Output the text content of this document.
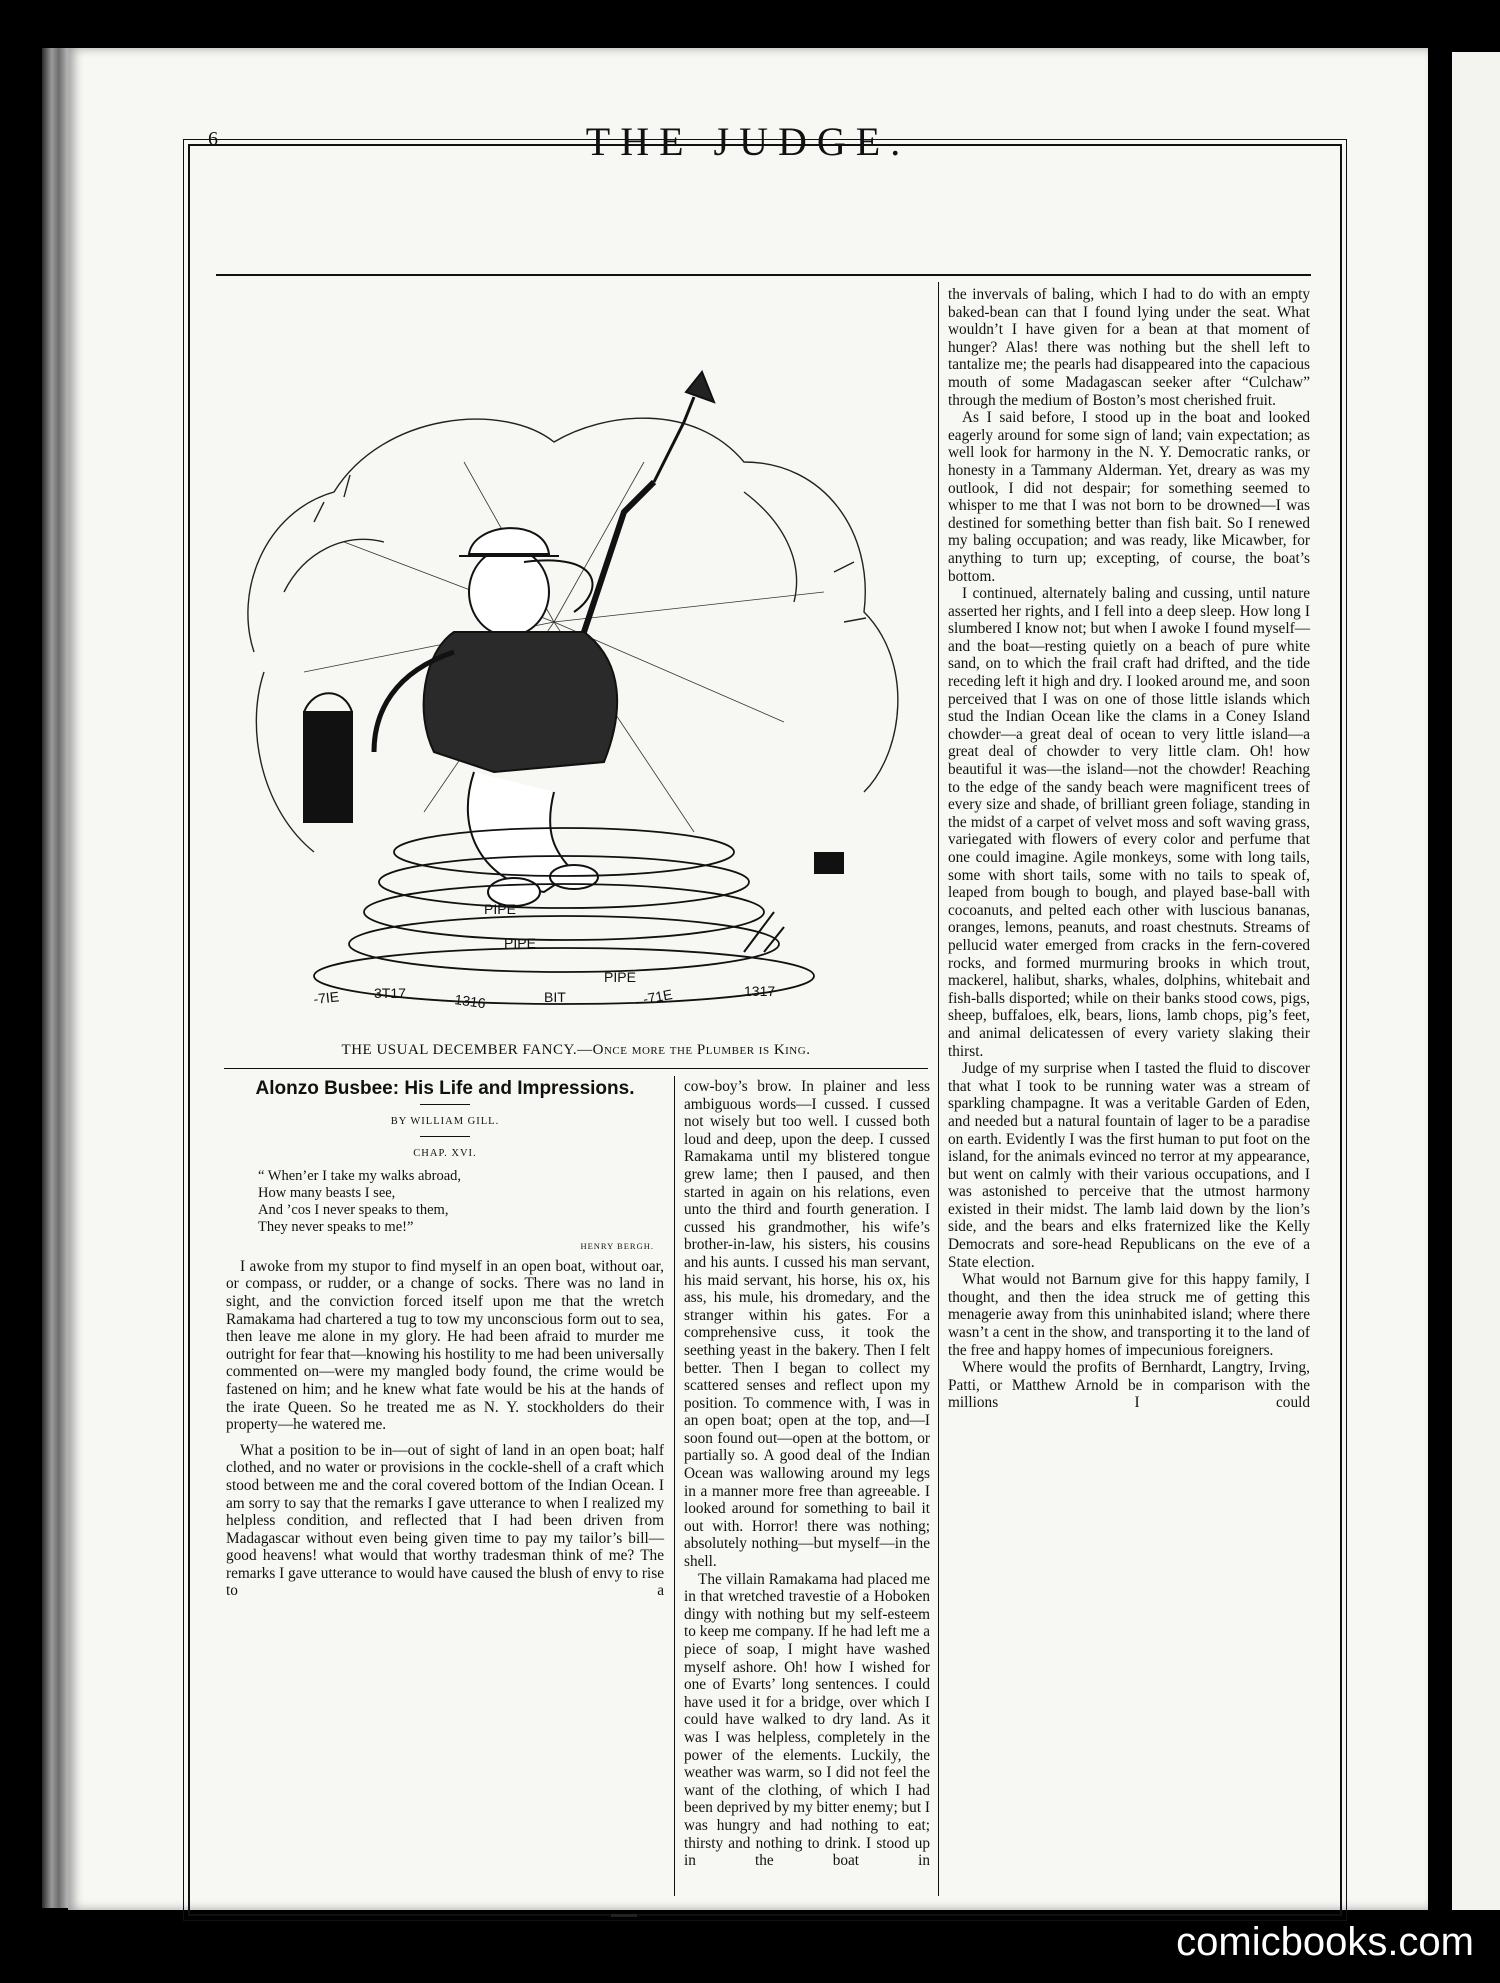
6	THE JUDGE.
PIPE
PIPE
PIPE
-7IE 3T17	1316	BIT	-71E	1317
THE USUAL DECEMBER FANCY.—Once more the Plumber is King.
Alonzo Busbee: His Life and Impressions.
BY WILLIAM GILL.
CHAP. XVI.
“ When’er I take my walks abroad,
How many beasts I see,
And ’cos I never speaks to them,
They never speaks to me!”
HENRY BERGH.

I awoke from my stupor to find myself in an open boat, without oar, or compass, or rudder, or a change of socks. There was no land in sight, and the conviction forced itself upon me that the wretch Ramakama had chartered a tug to tow my unconscious form out to sea, then leave me alone in my glory. He had been afraid to murder me outright for fear that—knowing his hostility to me had been universally commented on—were my mangled body found, the crime would be fastened on him; and he knew what fate would be his at the hands of the irate Queen. So he treated me as N. Y. stockholders do their property—he watered me.

What a position to be in—out of sight of land in an open boat; half clothed, and no water or provisions in the cockle-shell of a craft which stood between me and the coral covered bottom of the Indian Ocean. I am sorry to say that the remarks I gave utterance to when I realized my helpless condition, and reflected that I had been driven from Madagascar without even being given time to pay my tailor’s bill—good heavens! what would that worthy tradesman think of me? The remarks I gave utterance to would have caused the blush of envy to rise to a

cow-boy’s brow. In plainer and less ambiguous words—I cussed. I cussed not wisely but too well. I cussed both loud and deep, upon the deep. I cussed Ramakama until my blistered tongue grew lame; then I paused, and then started in again on his relations, even unto the third and fourth generation. I cussed his grandmother, his wife’s brother-in-law, his sisters, his cousins and his aunts. I cussed his man servant, his maid servant, his horse, his ox, his ass, his mule, his dromedary, and the stranger within his gates. For a comprehensive cuss, it took the seething yeast in the bakery. Then I felt better. Then I began to collect my scattered senses and reflect upon my position. To commence with, I was in an open boat; open at the top, and—I soon found out—open at the bottom, or partially so. A good deal of the Indian Ocean was wallowing around my legs in a manner more free than agreeable. I looked around for something to bail it out with. Horror! there was nothing; absolutely nothing—but myself—in the shell.

The villain Ramakama had placed me in that wretched travestie of a Hoboken dingy with nothing but my self-esteem to keep me company. If he had left me a piece of soap, I might have washed myself ashore. Oh! how I wished for one of Evarts’ long sentences. I could have used it for a bridge, over which I could have walked to dry land. As it was I was helpless, completely in the power of the elements. Luckily, the weather was warm, so I did not feel the want of the clothing, of which I had been deprived by my bitter enemy; but I was hungry and had nothing to eat; thirsty and nothing to drink. I stood up in the boat in

the invervals of baling, which I had to do with an empty baked-bean can that I found lying under the seat. What wouldn’t I have given for a bean at that moment of hunger? Alas! there was nothing but the shell left to tantalize me; the pearls had disappeared into the capacious mouth of some Madagascan seeker after “Culchaw” through the medium of Boston’s most cherished fruit.

As I said before, I stood up in the boat and looked eagerly around for some sign of land; vain expectation; as well look for harmony in the N. Y. Democratic ranks, or honesty in a Tammany Alderman. Yet, dreary as was my outlook, I did not despair; for something seemed to whisper to me that I was not born to be drowned—I was destined for something better than fish bait. So I renewed my baling occupation; and was ready, like Micawber, for anything to turn up; excepting, of course, the boat’s bottom.

I continued, alternately baling and cussing, until nature asserted her rights, and I fell into a deep sleep. How long I slumbered I know not; but when I awoke I found myself—and the boat—resting quietly on a beach of pure white sand, on to which the frail craft had drifted, and the tide receding left it high and dry. I looked around me, and soon perceived that I was on one of those little islands which stud the Indian Ocean like the clams in a Coney Island chowder—a great deal of ocean to very little island—a great deal of chowder to very little clam. Oh! how beautiful it was—the island—not the chowder! Reaching to the edge of the sandy beach were magnificent trees of every size and shade, of brilliant green foliage, standing in the midst of a carpet of velvet moss and soft waving grass, variegated with flowers of every color and perfume that one could imagine. Agile monkeys, some with long tails, some with short tails, some with no tails to speak of, leaped from bough to bough, and played base-ball with cocoanuts, and pelted each other with luscious bananas, oranges, lemons, peanuts, and roast chestnuts. Streams of pellucid water emerged from cracks in the fern-covered rocks, and formed murmuring brooks in which trout, mackerel, halibut, sharks, whales, dolphins, whitebait and fish-balls disported; while on their banks stood cows, pigs, sheep, buffaloes, elk, bears, lions, lamb chops, pig’s feet, and animal delicatessen of every variety slaking their thirst.

Judge of my surprise when I tasted the fluid to discover that what I took to be running water was a stream of sparkling champagne. It was a veritable Garden of Eden, and needed but a natural fountain of lager to be a paradise on earth. Evidently I was the first human to put foot on the island, for the animals evinced no terror at my appearance, but went on calmly with their various occupations, and I was astonished to perceive that the utmost harmony existed in their midst. The lamb laid down by the lion’s side, and the bears and elks fraternized like the Kelly Democrats and sore-head Republicans on the eve of a State election.

What would not Barnum give for this happy family, I thought, and then the idea struck me of getting this menagerie away from this uninhabited island; where there wasn’t a cent in the show, and transporting it to the land of the free and happy homes of impecunious foreigners.

Where would the profits of Bernhardt, Langtry, Irving, Patti, or Matthew Arnold be in comparison with the millions I could

comicbooks.com
